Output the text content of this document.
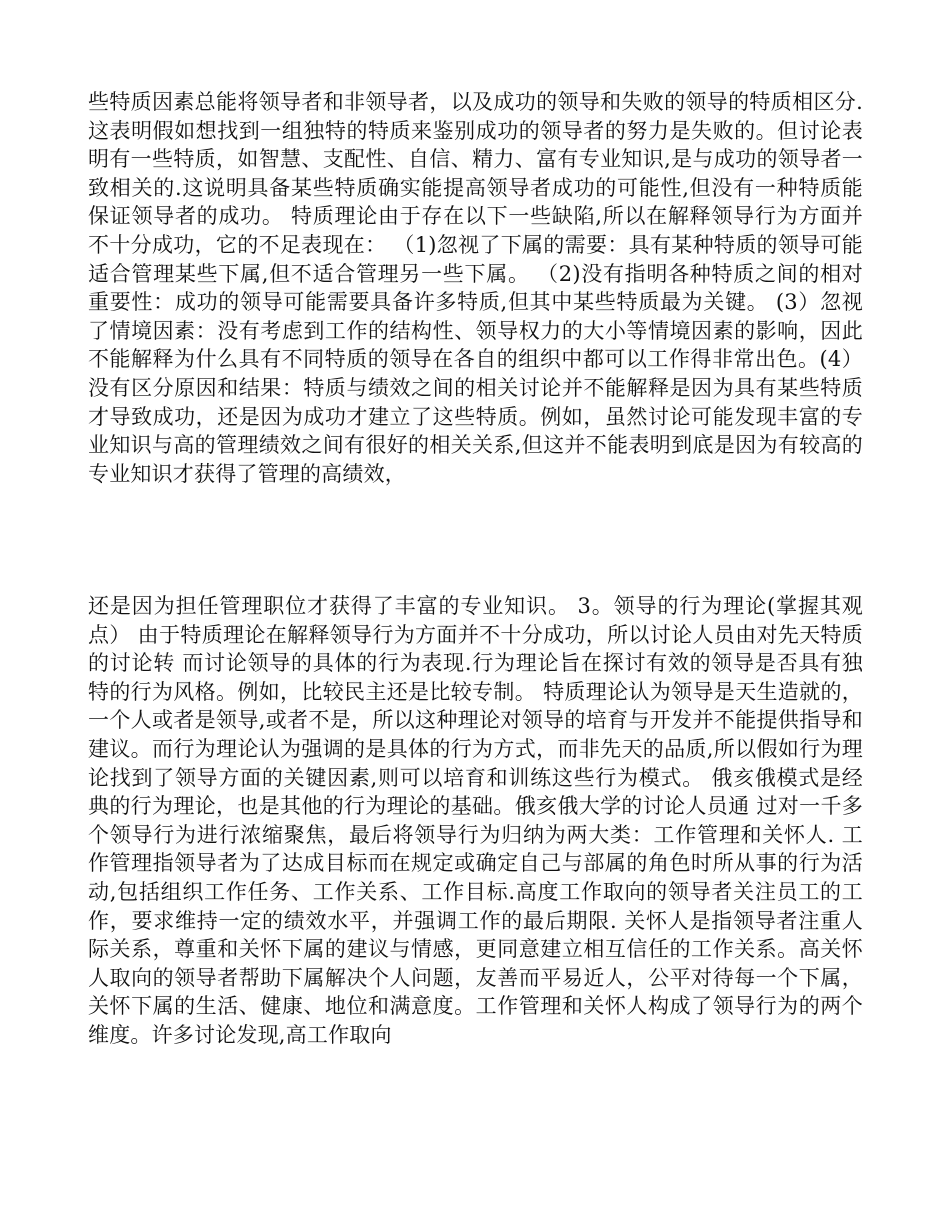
些特质因素总能将领导者和非领导者，以及成功的领导和失败的领导的特质相区分.这表明假如想找到一组独特的特质来鉴别成功的领导者的努力是失败的。但讨论表明有一些特质，如智慧、支配性、自信、精力、富有专业知识,是与成功的领导者一致相关的.这说明具备某些特质确实能提高领导者成功的可能性,但没有一种特质能保证领导者的成功。 特质理论由于存在以下一些缺陷,所以在解释领导行为方面并不十分成功，它的不足表现在： （1)忽视了下属的需要：具有某种特质的领导可能适合管理某些下属,但不适合管理另一些下属。 （2)没有指明各种特质之间的相对重要性：成功的领导可能需要具备许多特质,但其中某些特质最为关键。 (3）忽视了情境因素：没有考虑到工作的结构性、领导权力的大小等情境因素的影响，因此不能解释为什么具有不同特质的领导在各自的组织中都可以工作得非常出色。(4）没有区分原因和结果：特质与绩效之间的相关讨论并不能解释是因为具有某些特质才导致成功，还是因为成功才建立了这些特质。例如，虽然讨论可能发现丰富的专业知识与高的管理绩效之间有很好的相关关系,但这并不能表明到底是因为有较高的专业知识才获得了管理的高绩效，

还是因为担任管理职位才获得了丰富的专业知识。 3。领导的行为理论(掌握其观点） 由于特质理论在解释领导行为方面并不十分成功，所以讨论人员由对先天特质的讨论转 而讨论领导的具体的行为表现.行为理论旨在探讨有效的领导是否具有独特的行为风格。例如，比较民主还是比较专制。 特质理论认为领导是天生造就的，一个人或者是领导,或者不是，所以这种理论对领导的培育与开发并不能提供指导和建议。而行为理论认为强调的是具体的行为方式，而非先天的品质,所以假如行为理论找到了领导方面的关键因素,则可以培育和训练这些行为模式。 俄亥俄模式是经典的行为理论，也是其他的行为理论的基础。俄亥俄大学的讨论人员通 过对一千多个领导行为进行浓缩聚焦，最后将领导行为归纳为两大类：工作管理和关怀人. 工作管理指领导者为了达成目标而在规定或确定自己与部属的角色时所从事的行为活动,包括组织工作任务、工作关系、工作目标.高度工作取向的领导者关注员工的工作，要求维持一定的绩效水平，并强调工作的最后期限. 关怀人是指领导者注重人际关系，尊重和关怀下属的建议与情感，更同意建立相互信任的工作关系。高关怀人取向的领导者帮助下属解决个人问题，友善而平易近人，公平对待每一个下属，关怀下属的生活、健康、地位和满意度。工作管理和关怀人构成了领导行为的两个维度。许多讨论发现,高工作取向
